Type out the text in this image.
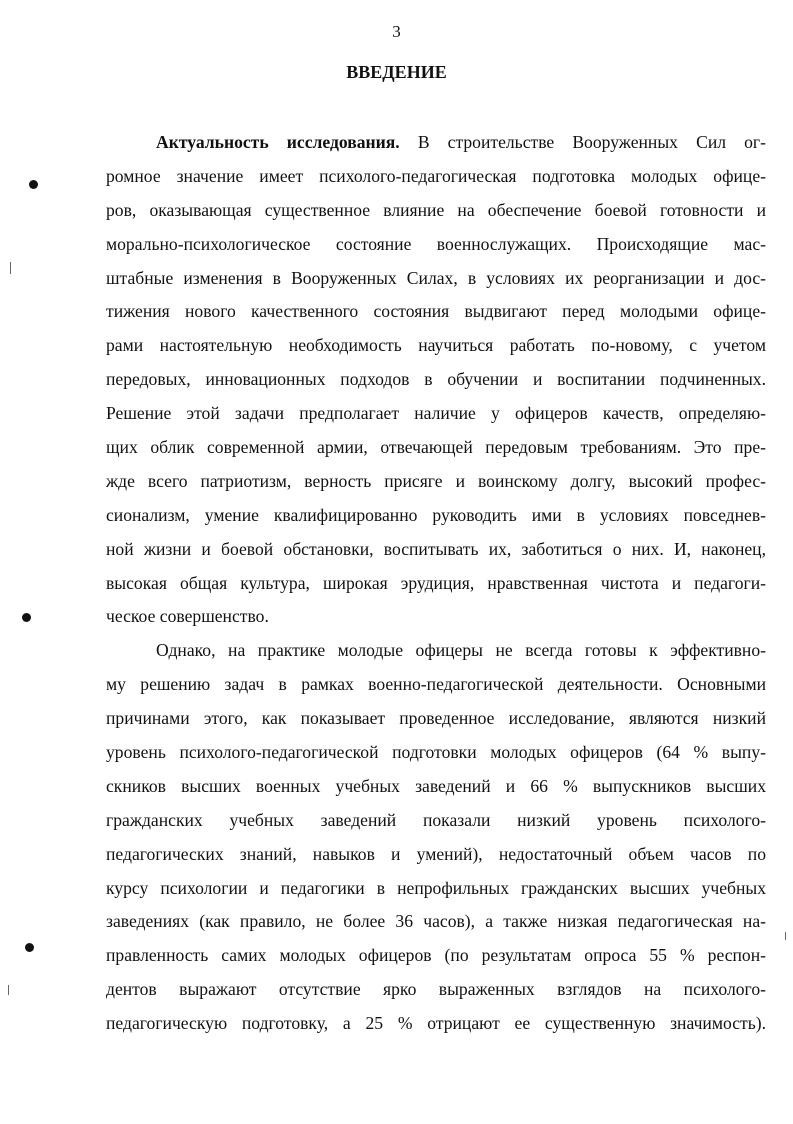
3
ВВЕДЕНИЕ
Актуальность исследования. В строительстве Вооруженных Сил ог-
ромное значение имеет психолого-педагогическая подготовка молодых офице-
ров, оказывающая существенное влияние на обеспечение боевой готовности и
морально-психологическое состояние военнослужащих. Происходящие мас-
штабные изменения в Вооруженных Силах, в условиях их реорганизации и дос-
тижения нового качественного состояния выдвигают перед молодыми офице-
рами настоятельную необходимость научиться работать по-новому, с учетом
передовых, инновационных подходов в обучении и воспитании подчиненных.
Решение этой задачи предполагает наличие у офицеров качеств, определяю-
щих облик современной армии, отвечающей передовым требованиям. Это пре-
жде всего патриотизм, верность присяге и воинскому долгу, высокий профес-
сионализм, умение квалифицированно руководить ими в условиях повседнев-
ной жизни и боевой обстановки, воспитывать их, заботиться о них. И, наконец,
высокая общая культура, широкая эрудиция, нравственная чистота и педагоги-
ческое совершенство.
Однако, на практике молодые офицеры не всегда готовы к эффективно-
му решению задач в рамках военно-педагогической деятельности. Основными
причинами этого, как показывает проведенное исследование, являются низкий
уровень психолого-педагогической подготовки молодых офицеров (64 % выпу-
скников высших военных учебных заведений и 66 % выпускников высших
гражданских учебных заведений показали низкий уровень психолого-
педагогических знаний, навыков и умений), недостаточный объем часов по
курсу психологии и педагогики в непрофильных гражданских высших учебных
заведениях (как правило, не более 36 часов), а также низкая педагогическая на-
правленность самих молодых офицеров (по результатам опроса 55 % респон-
дентов выражают отсутствие ярко выраженных взглядов на психолого-
педагогическую подготовку, а 25 % отрицают ее существенную значимость).
